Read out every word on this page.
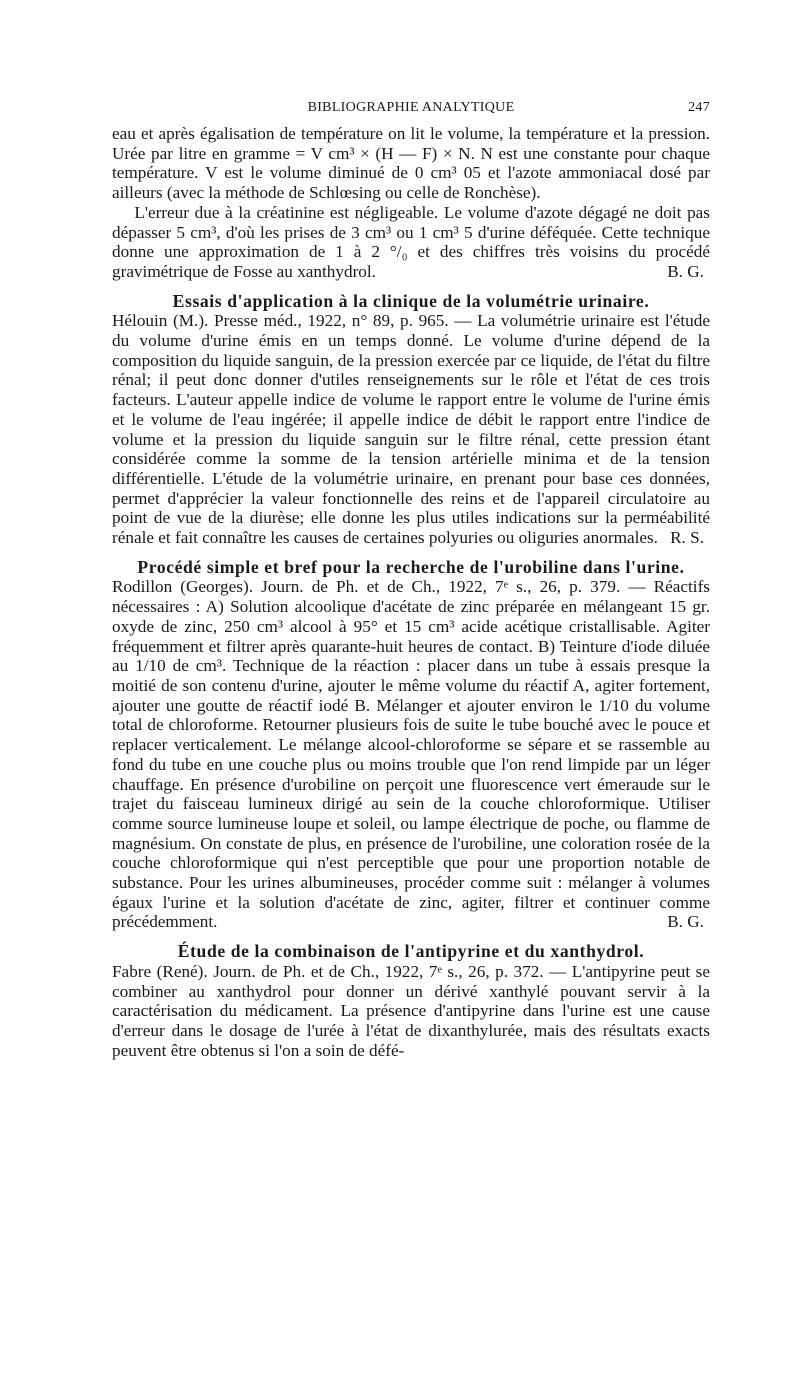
BIBLIOGRAPHIE ANALYTIQUE	247

eau et après égalisation de température on lit le volume, la température et la pression. Urée par litre en gramme = V cm³ × (H — F) × N. N est une constante pour chaque température. V est le volume diminué de 0 cm³ 05 et l'azote ammoniacal dosé par ailleurs (avec la méthode de Schlœsing ou celle de Ronchèse).

L'erreur due à la créatinine est négligeable. Le volume d'azote dégagé ne doit pas dépasser 5 cm³, d'où les prises de 3 cm³ ou 1 cm³ 5 d'urine déféquée. Cette technique donne une approximation de 1 à 2 °/₀ et des chiffres très voisins du procédé gravimétrique de Fosse au xanthydrol.	B. G.

Essais d'application à la clinique de la volumétrie urinaire.

Hélouin (M.). Presse méd., 1922, n° 89, p. 965. — La volumétrie urinaire est l'étude du volume d'urine émis en un temps donné. Le volume d'urine dépend de la composition du liquide sanguin, de la pression exercée par ce liquide, de l'état du filtre rénal; il peut donc donner d'utiles renseignements sur le rôle et l'état de ces trois facteurs. L'auteur appelle indice de volume le rapport entre le volume de l'urine émis et le volume de l'eau ingérée; il appelle indice de débit le rapport entre l'indice de volume et la pression du liquide sanguin sur le filtre rénal, cette pression étant considérée comme la somme de la tension artérielle minima et de la tension différentielle. L'étude de la volumétrie urinaire, en prenant pour base ces données, permet d'apprécier la valeur fonctionnelle des reins et de l'appareil circulatoire au point de vue de la diurèse; elle donne les plus utiles indications sur la perméabilité rénale et fait connaître les causes de certaines polyuries ou oliguries anormales. R. S.

Procédé simple et bref pour la recherche de l'urobiline dans l'urine.

Rodillon (Georges). Journ. de Ph. et de Ch., 1922, 7ᵉ s., 26, p. 379. — Réactifs nécessaires : A) Solution alcoolique d'acétate de zinc préparée en mélangeant 15 gr. oxyde de zinc, 250 cm³ alcool à 95° et 15 cm³ acide acétique cristallisable. Agiter fréquemment et filtrer après quarante-huit heures de contact. B) Teinture d'iode diluée au 1/10 de cm³. Technique de la réaction : placer dans un tube à essais presque la moitié de son contenu d'urine, ajouter le même volume du réactif A, agiter fortement, ajouter une goutte de réactif iodé B. Mélanger et ajouter environ le 1/10 du volume total de chloroforme. Retourner plusieurs fois de suite le tube bouché avec le pouce et replacer verticalement. Le mélange alcool-chloroforme se sépare et se rassemble au fond du tube en une couche plus ou moins trouble que l'on rend limpide par un léger chauffage. En présence d'urobiline on perçoit une fluorescence vert émeraude sur le trajet du faisceau lumineux dirigé au sein de la couche chloroformique. Utiliser comme source lumineuse loupe et soleil, ou lampe électrique de poche, ou flamme de magnésium. On constate de plus, en présence de l'urobiline, une coloration rosée de la couche chloroformique qui n'est perceptible que pour une proportion notable de substance. Pour les urines albumineuses, procéder comme suit : mélanger à volumes égaux l'urine et la solution d'acétate de zinc, agiter, filtrer et continuer comme précédemment.	B. G.

Étude de la combinaison de l'antipyrine et du xanthydrol.

Fabre (René). Journ. de Ph. et de Ch., 1922, 7ᵉ s., 26, p. 372. — L'antipyrine peut se combiner au xanthydrol pour donner un dérivé xanthylé pouvant servir à la caractérisation du médicament. La présence d'antipyrine dans l'urine est une cause d'erreur dans le dosage de l'urée à l'état de dixanthylurée, mais des résultats exacts peuvent être obtenus si l'on a soin de défé-
